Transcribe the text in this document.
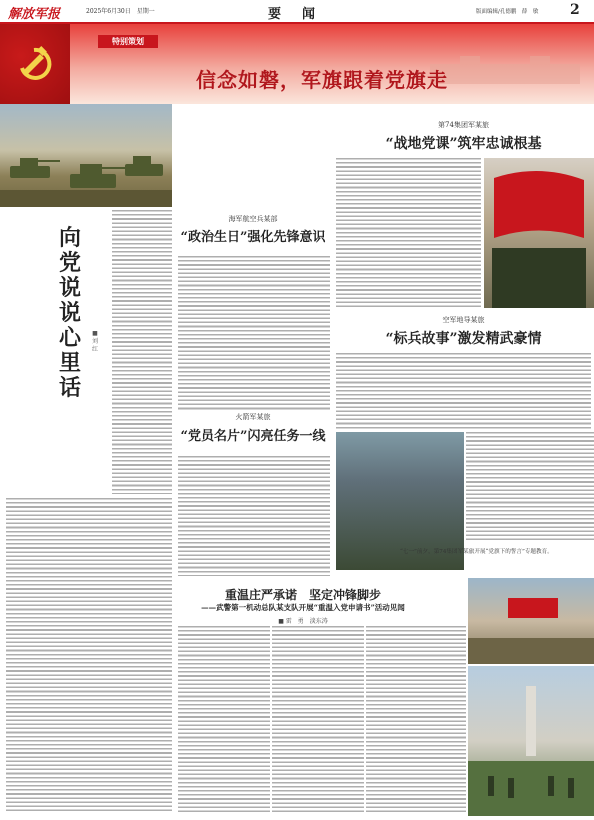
解放军报	2025年6月30日　星期一	要　闻	版面编辑/孔德鹏　薛　敏 2
特别策划
信念如磐，军旗跟着党旗走
向党说说心里话
■ 刘　红
海军航空兵某部
“政治生日”强化先锋意识
火箭军某旅
“党员名片”闪亮任务一线
第74集团军某旅
“战地党课”筑牢忠诚根基
空军地导某旅
“标兵故事”激发精武豪情
“七一”前夕，第74集团军某旅开展“党旗下的誓言”专题教育。
重温庄严承诺　坚定冲锋脚步
——武警第一机动总队某支队开展“重温入党申请书”活动见闻
■ 雷　勇　淡东涛
